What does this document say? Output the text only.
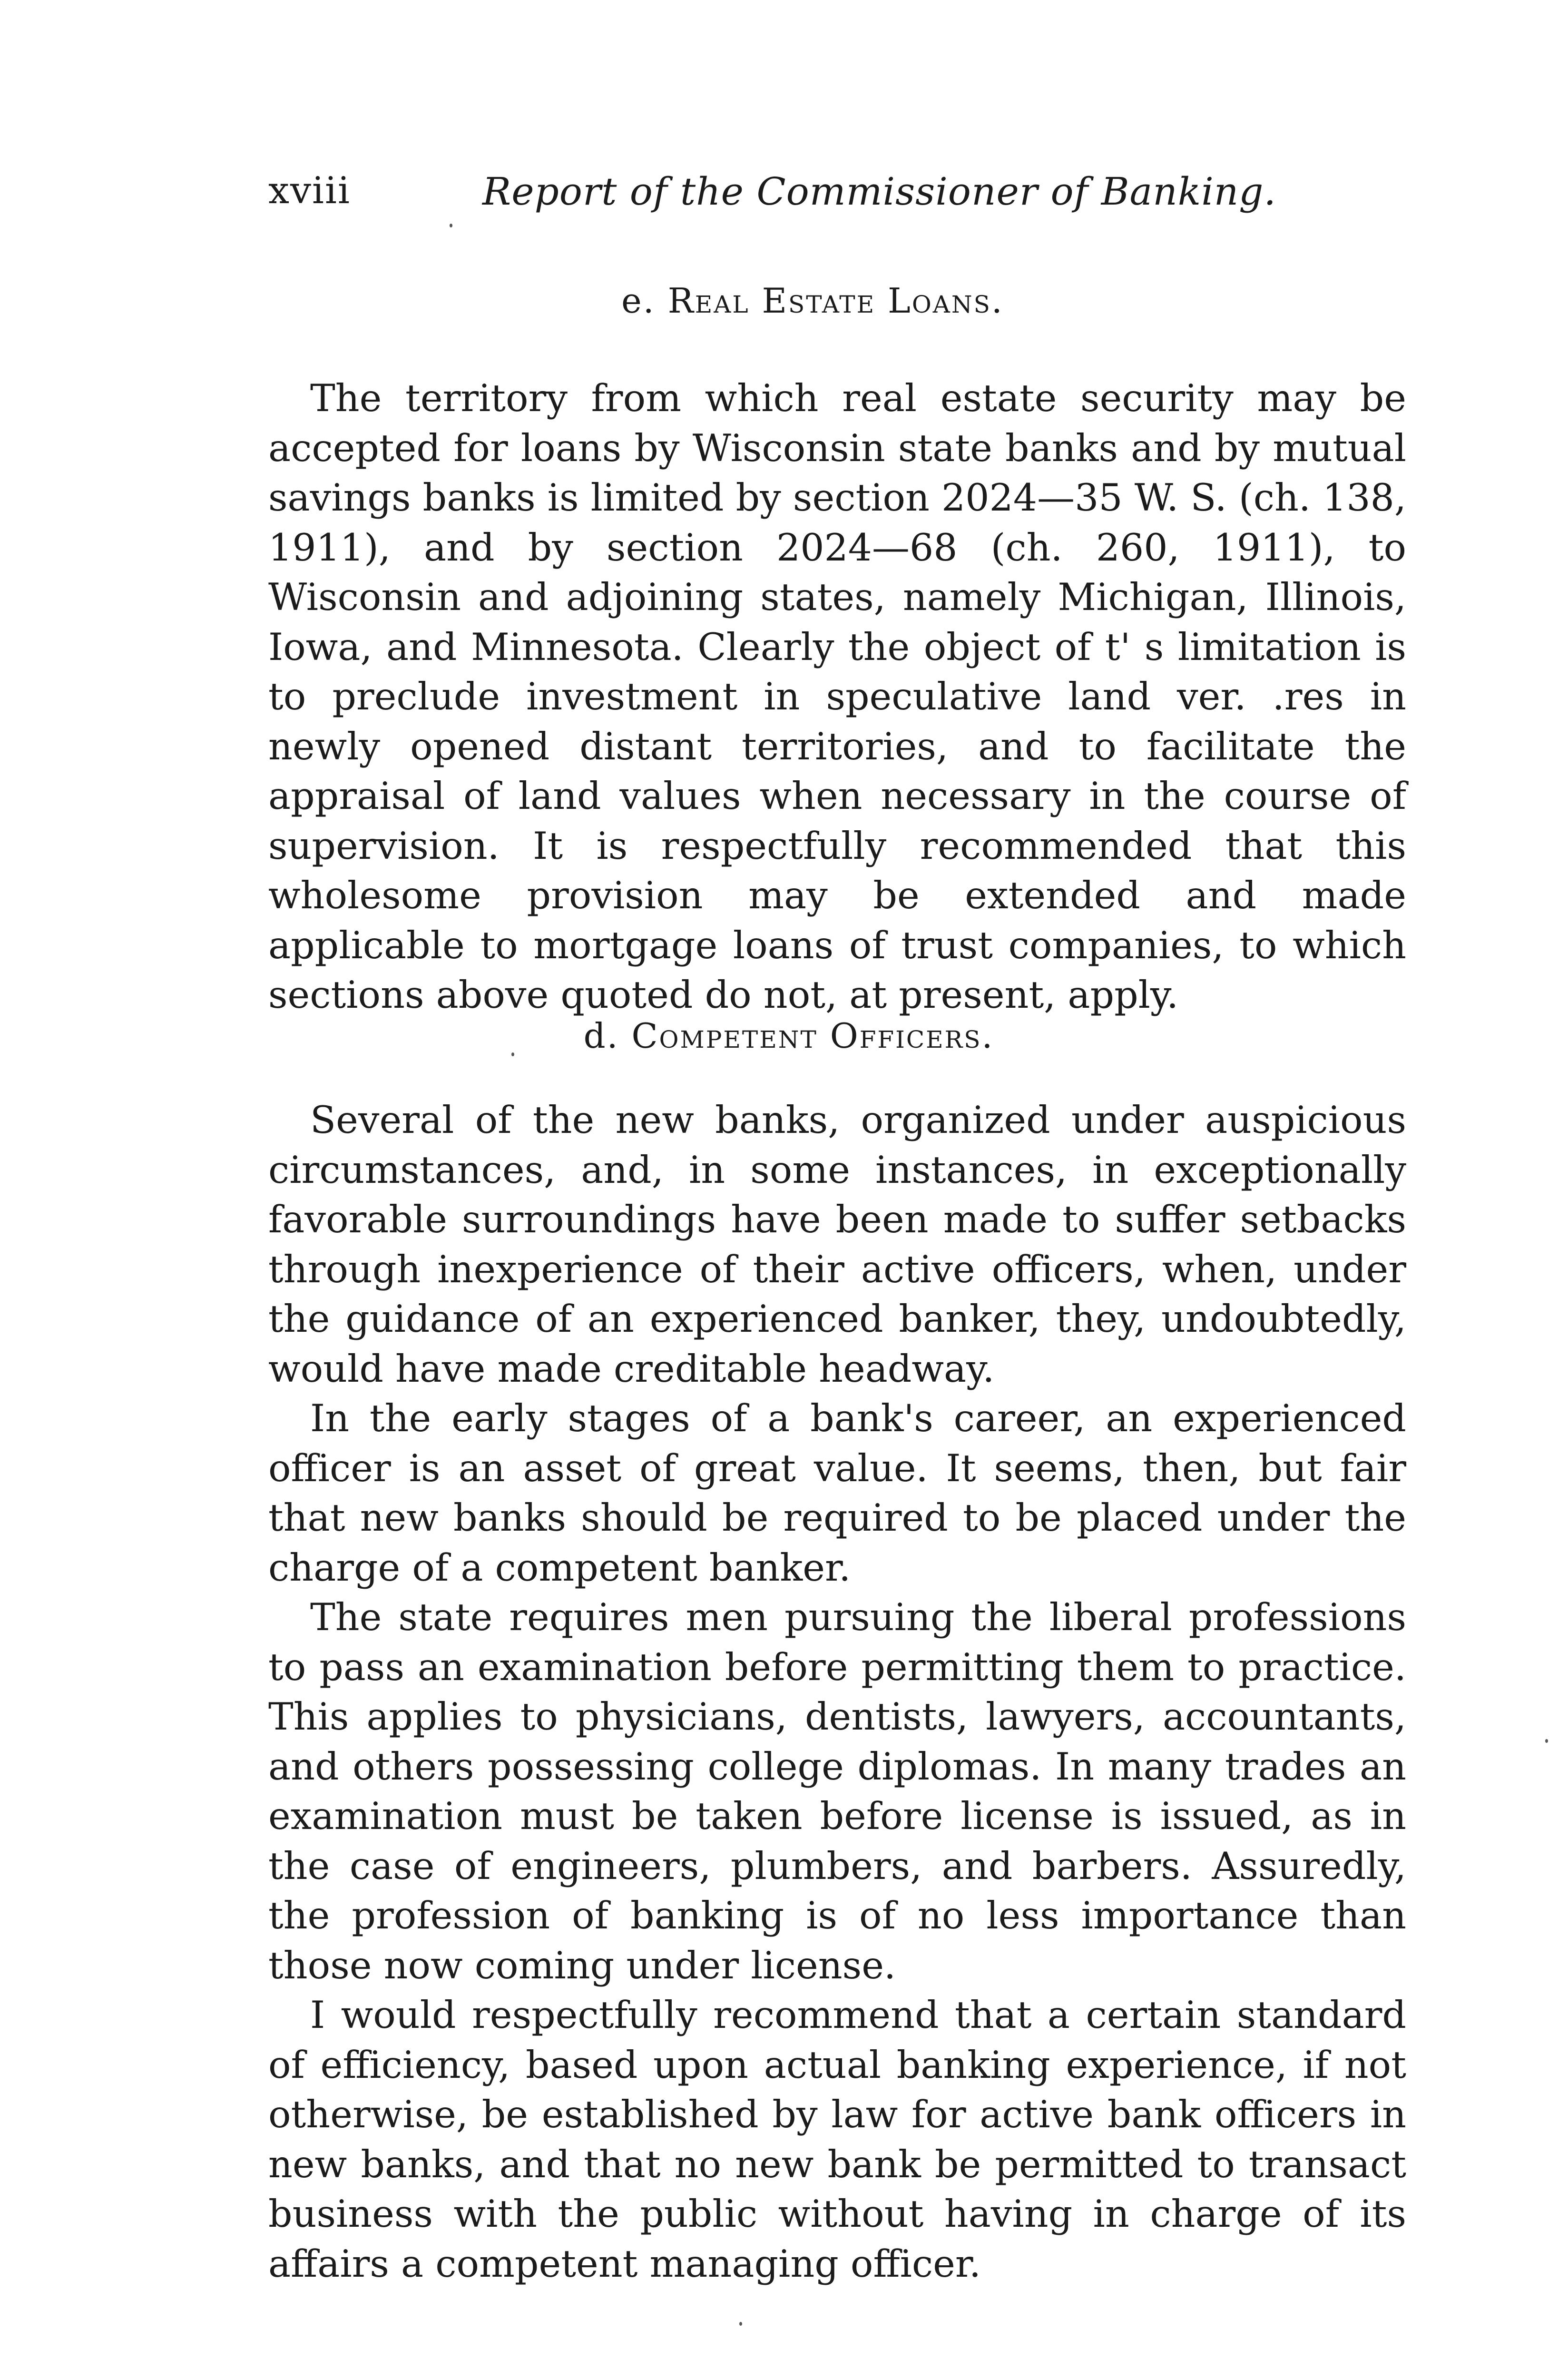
xviii	Report of the Commissioner of Banking.
e. Real Estate Loans.

The territory from which real estate security may be accepted for loans by Wisconsin state banks and by mutual savings banks is limited by section 2024—35 W. S. (ch. 138, 1911), and by section 2024—68 (ch. 260, 1911), to Wisconsin and adjoining states, namely Michigan, Illinois, Iowa, and Minnesota. Clearly the object of t' s limitation is to preclude investment in speculative land ver. .res in newly opened distant territories, and to facilitate the appraisal of land values when necessary in the course of supervision. It is respectfully recommended that this wholesome provision may be extended and made applicable to mortgage loans of trust companies, to which sections above quoted do not, at present, apply.

d. Competent Officers.

Several of the new banks, organized under auspicious circumstances, and, in some instances, in exceptionally favorable surroundings have been made to suffer setbacks through inexperience of their active officers, when, under the guidance of an experienced banker, they, undoubtedly, would have made creditable headway.

In the early stages of a bank's career, an experienced officer is an asset of great value. It seems, then, but fair that new banks should be required to be placed under the charge of a competent banker.

The state requires men pursuing the liberal professions to pass an examination before permitting them to practice. This applies to physicians, dentists, lawyers, accountants, and others possessing college diplomas. In many trades an examination must be taken before license is issued, as in the case of engineers, plumbers, and barbers. Assuredly, the profession of banking is of no less importance than those now coming under license.

I would respectfully recommend that a certain standard of efficiency, based upon actual banking experience, if not otherwise, be established by law for active bank officers in new banks, and that no new bank be permitted to transact business with the public without having in charge of its affairs a competent managing officer.
